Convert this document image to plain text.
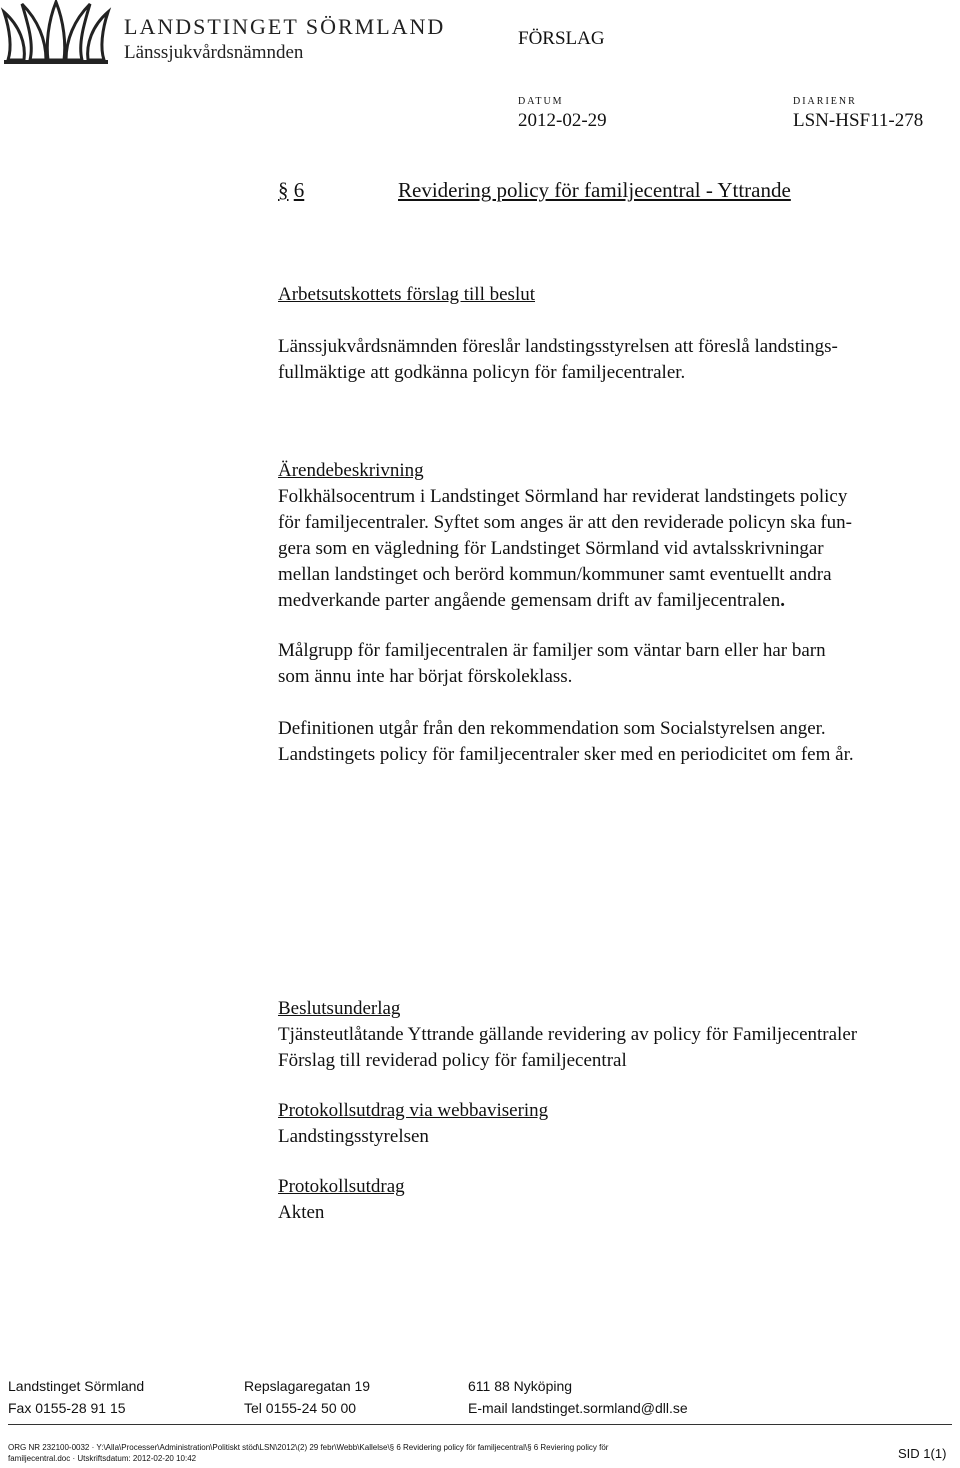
LANDSTINGET SÖRMLAND
Länssjukvårdsnämnden
FÖRSLAG
DATUM
2012-02-29
DIARIENR
LSN-HSF11-278
§ 6	Revidering policy för familjecentral - Yttrande
Arbetsutskottets förslag till beslut

Länssjukvårdsnämnden föreslår landstingsstyrelsen att föreslå landstings-

fullmäktige att godkänna policyn för familjecentraler.

Ärendebeskrivning

Folkhälsocentrum i Landstinget Sörmland har reviderat landstingets policy

för familjecentraler. Syftet som anges är att den reviderade policyn ska fun-

gera som en vägledning för Landstinget Sörmland vid avtalsskrivningar

mellan landstinget och berörd kommun/kommuner samt eventuellt andra

medverkande parter angående gemensam drift av familjecentralen.

Målgrupp för familjecentralen är familjer som väntar barn eller har barn

som ännu inte har börjat förskoleklass.

Definitionen utgår från den rekommendation som Socialstyrelsen anger.

Landstingets policy för familjecentraler sker med en periodicitet om fem år.

Beslutsunderlag

Tjänsteutlåtande Yttrande gällande revidering av policy för Familjecentraler

Förslag till reviderad policy för familjecentral

Protokollsutdrag via webbavisering
Landstingsstyrelsen
Protokollsutdrag
Akten
Landstinget Sörmland	Repslagaregatan 19	611 88 Nyköping
Fax 0155-28 91 15	Tel 0155-24 50 00	E-mail landstinget.sormland@dll.se
ORG NR 232100-0032 · Y:\Alla\Processer\Administration\Politiskt stöd\LSN\2012\(2) 29 febr\Webb\Kallelse\§ 6 Revidering policy för familjecentral\§ 6 Reviering policy för
familjecentral.doc · Utskriftsdatum: 2012-02-20 10:42	SID 1(1)
